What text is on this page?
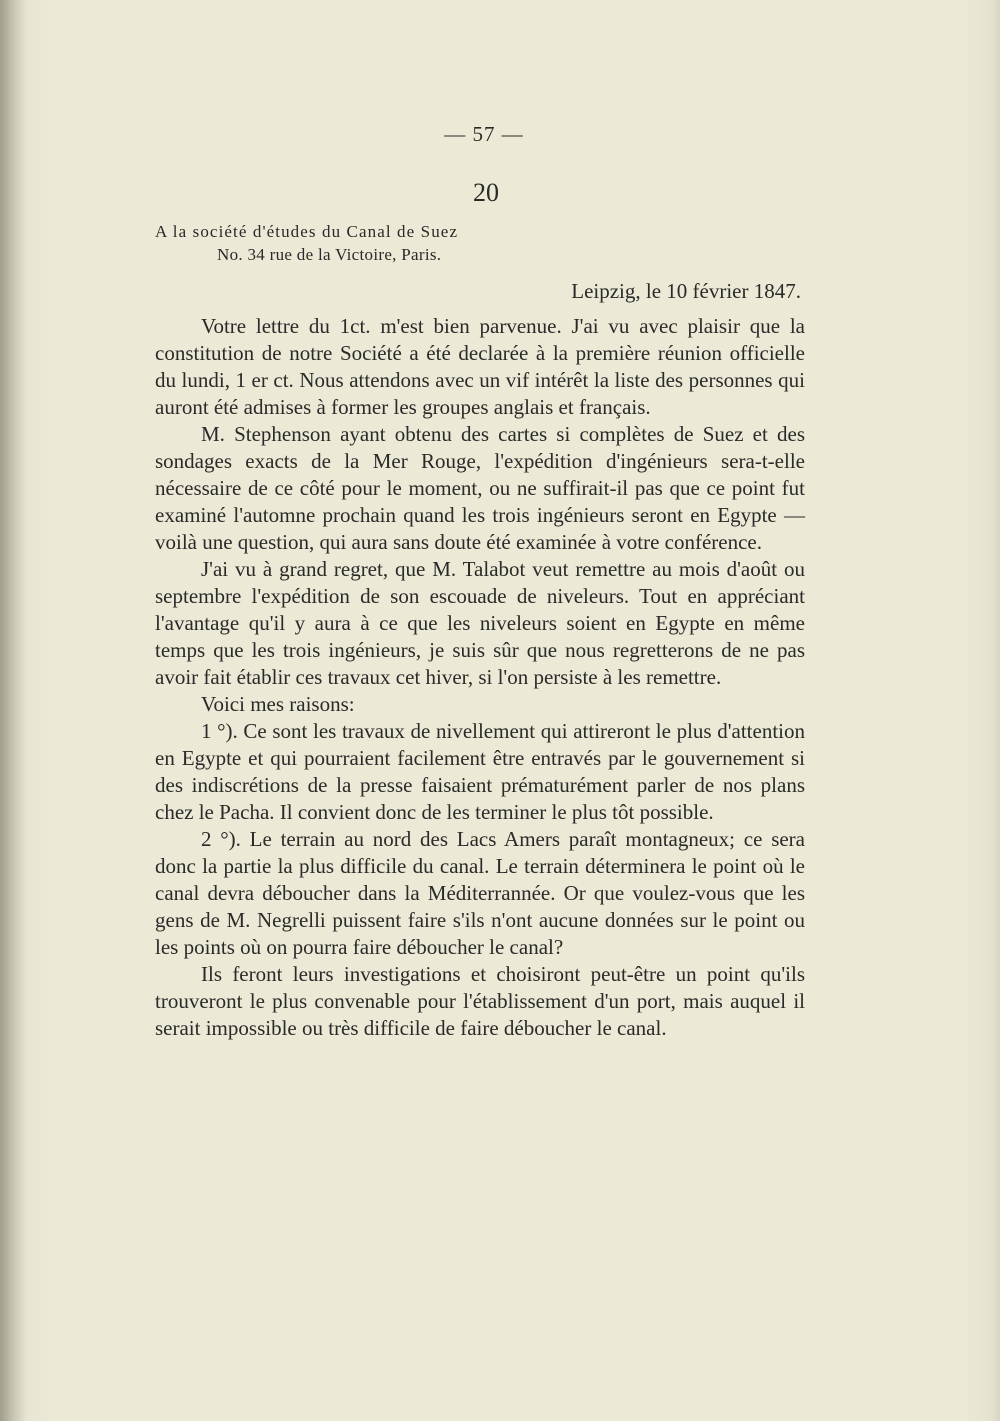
— 57 —
20
A la société d'études du Canal de Suez
No. 34 rue de la Victoire, Paris.
Leipzig, le 10 février 1847.

Votre lettre du 1ct. m'est bien parvenue. J'ai vu avec plaisir que la constitution de notre Société a été declarée à la première réunion officielle du lundi, 1 er ct. Nous attendons avec un vif intérêt la liste des personnes qui auront été admises à former les groupes anglais et français.

M. Stephenson ayant obtenu des cartes si complètes de Suez et des sondages exacts de la Mer Rouge, l'expédition d'ingénieurs sera-t-elle nécessaire de ce côté pour le moment, ou ne suffirait-il pas que ce point fut examiné l'automne prochain quand les trois ingénieurs seront en Egypte — voilà une question, qui aura sans doute été examinée à votre conférence.

J'ai vu à grand regret, que M. Talabot veut remettre au mois d'août ou septembre l'expédition de son escouade de niveleurs. Tout en appréciant l'avantage qu'il y aura à ce que les niveleurs soient en Egypte en même temps que les trois ingénieurs, je suis sûr que nous regretterons de ne pas avoir fait établir ces travaux cet hiver, si l'on persiste à les remettre.

Voici mes raisons:

1 °). Ce sont les travaux de nivellement qui attireront le plus d'attention en Egypte et qui pourraient facilement être entravés par le gouvernement si des indiscrétions de la presse faisaient prématurément parler de nos plans chez le Pacha. Il convient donc de les terminer le plus tôt possible.

2 °). Le terrain au nord des Lacs Amers paraît montagneux; ce sera donc la partie la plus difficile du canal. Le terrain déterminera le point où le canal devra déboucher dans la Méditerrannée. Or que voulez-vous que les gens de M. Negrelli puissent faire s'ils n'ont aucune données sur le point ou les points où on pourra faire déboucher le canal?

Ils feront leurs investigations et choisiront peut-être un point qu'ils trouveront le plus convenable pour l'établissement d'un port, mais auquel il serait impossible ou très difficile de faire déboucher le canal.
